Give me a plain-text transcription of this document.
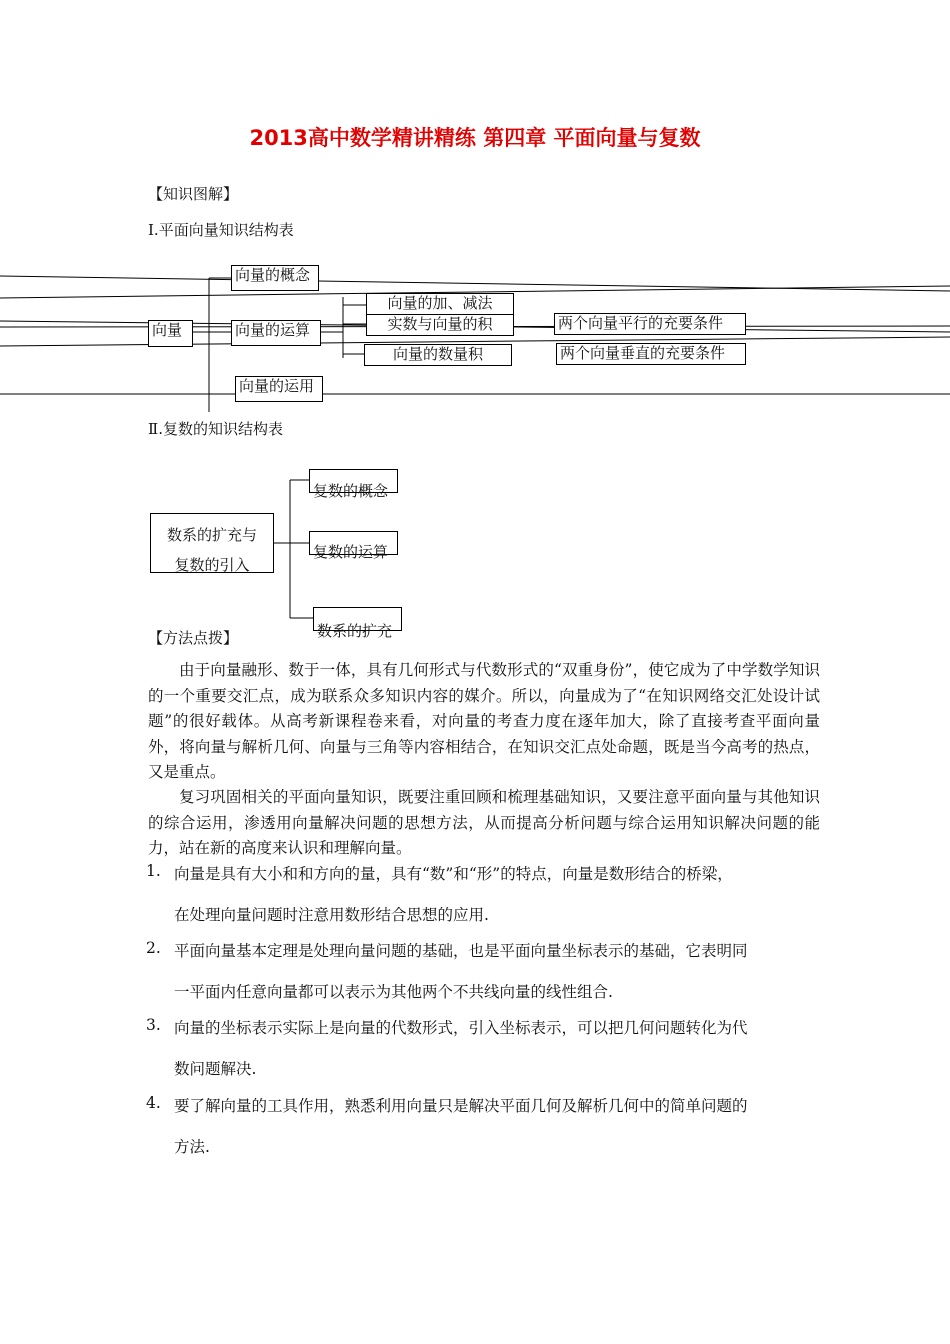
2013高中数学精讲精练 第四章 平面向量与复数
【知识图解】
Ⅰ.平面向量知识结构表
向量
向量的概念
向量的运算
向量的运用
向量的加、减法
实数与向量的积
向量的数量积
两个向量平行的充要条件
两个向量垂直的充要条件
Ⅱ.复数的知识结构表
数系的扩充与复数的引入
复数的概念
复数的运算
数系的扩充
【方法点拨】

由于向量融形、数于一体，具有几何形式与代数形式的“双重身份”，使它成为了中学数学知识的一个重要交汇点，成为联系众多知识内容的媒介。所以，向量成为了“在知识网络交汇处设计试题”的很好载体。从高考新课程卷来看，对向量的考查力度在逐年加大，除了直接考查平面向量外，将向量与解析几何、向量与三角等内容相结合，在知识交汇点处命题，既是当今高考的热点，又是重点。

复习巩固相关的平面向量知识，既要注重回顾和梳理基础知识，又要注意平面向量与其他知识的综合运用，渗透用向量解决问题的思想方法，从而提高分析问题与综合运用知识解决问题的能力，站在新的高度来认识和理解向量。

1. 向量是具有大小和和方向的量，具有“数”和“形”的特点，向量是数形结合的桥梁，
在处理向量问题时注意用数形结合思想的应用.
2. 平面向量基本定理是处理向量问题的基础，也是平面向量坐标表示的基础，它表明同
一平面内任意向量都可以表示为其他两个不共线向量的线性组合.
3. 向量的坐标表示实际上是向量的代数形式，引入坐标表示，可以把几何问题转化为代
数问题解决.
4. 要了解向量的工具作用，熟悉利用向量只是解决平面几何及解析几何中的简单问题的
方法.
